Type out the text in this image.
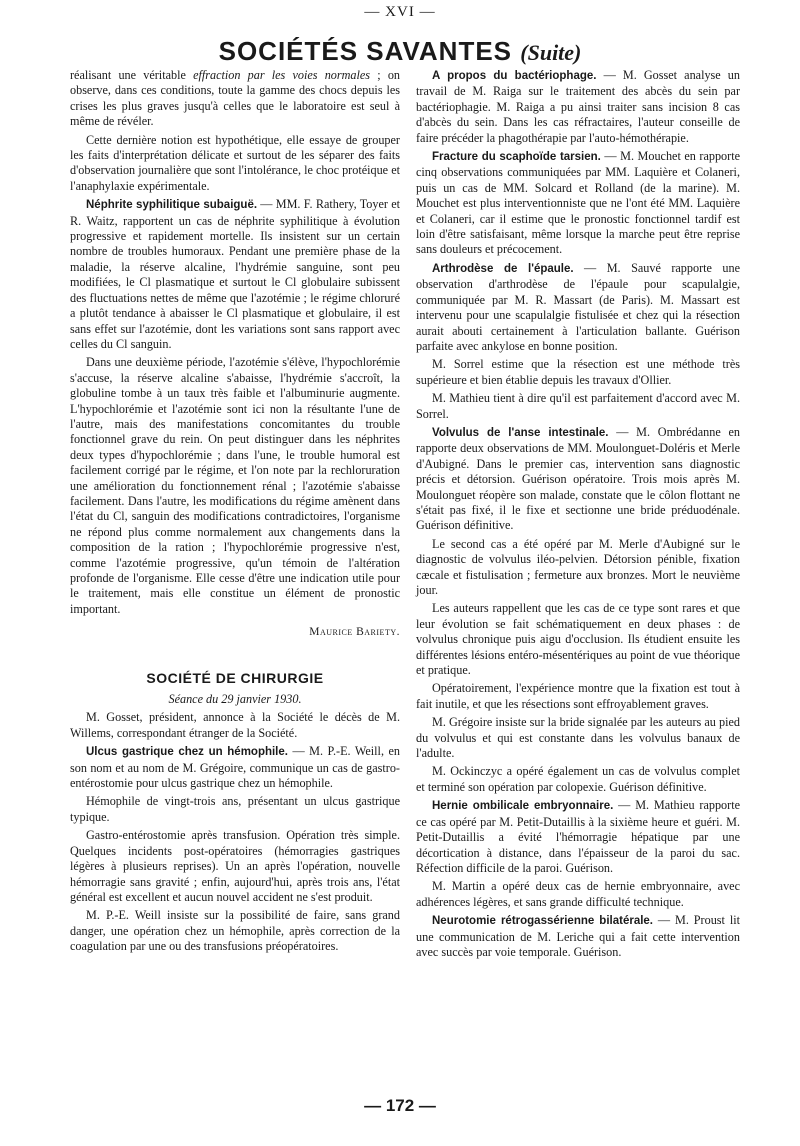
— XVI —
SOCIÉTÉS SAVANTES (Suite)

réalisant une véritable effraction par les voies normales ; on observe, dans ces conditions, toute la gamme des chocs depuis les crises les plus graves jusqu'à celles que le laboratoire est seul à même de révéler.

Cette dernière notion est hypothétique, elle essaye de grouper les faits d'interprétation délicate et surtout de les séparer des faits d'observation journalière que sont l'intolérance, le choc protéique et l'anaphylaxie expérimentale.

Néphrite syphilitique subaiguë. — MM. F. Rathery, Toyer et R. Waitz, rapportent un cas de néphrite syphilitique à évolution progressive et rapidement mortelle. Ils insistent sur un certain nombre de troubles humoraux. Pendant une première phase de la maladie, la réserve alcaline, l'hydrémie sanguine, sont peu modifiées, le Cl plasmatique et surtout le Cl globulaire subissent des fluctuations nettes de même que l'azotémie ; le régime chloruré a plutôt tendance à abaisser le Cl plasmatique et globulaire, il est sans effet sur l'azotémie, dont les variations sont sans rapport avec celles du Cl sanguin.

Dans une deuxième période, l'azotémie s'élève, l'hypochlorémie s'accuse, la réserve alcaline s'abaisse, l'hydrémie s'accroît, la globuline tombe à un taux très faible et l'albuminurie augmente. L'hypochlorémie et l'azotémie sont ici non la résultante l'une de l'autre, mais des manifestations concomitantes du trouble fonctionnel grave du rein. On peut distinguer dans les néphrites deux types d'hypochlorémie ; dans l'une, le trouble humoral est facilement corrigé par le régime, et l'on note par la rechloruration une amélioration du fonctionnement rénal ; l'azotémie s'abaisse facilement. Dans l'autre, les modifications du régime amènent dans l'état du Cl, sanguin des modifications contradictoires, l'organisme ne répond plus comme normalement aux changements dans la composition de la ration ; l'hypochlorémie progressive n'est, comme l'azotémie progressive, qu'un témoin de l'altération profonde de l'organisme. Elle cesse d'être une indication utile pour le traitement, mais elle constitue un élément de pronostic important.

Maurice Bariety.

SOCIÉTÉ DE CHIRURGIE

Séance du 29 janvier 1930.

M. Gosset, président, annonce à la Société le décès de M. Willems, correspondant étranger de la Société.

Ulcus gastrique chez un hémophile. — M. P.-E. Weill, en son nom et au nom de M. Grégoire, communique un cas de gastro-entérostomie pour ulcus gastrique chez un hémophile.

Hémophile de vingt-trois ans, présentant un ulcus gastrique typique.

Gastro-entérostomie après transfusion. Opération très simple. Quelques incidents post-opératoires (hémorragies gastriques légères à plusieurs reprises). Un an après l'opération, nouvelle hémorragie sans gravité ; enfin, aujourd'hui, après trois ans, l'état général est excellent et aucun nouvel accident ne s'est produit.

M. P.-E. Weill insiste sur la possibilité de faire, sans grand danger, une opération chez un hémophile, après correction de la coagulation par une ou des transfusions préopératoires.

A propos du bactériophage. — M. Gosset analyse un travail de M. Raiga sur le traitement des abcès du sein par bactériophagie. M. Raiga a pu ainsi traiter sans incision 8 cas d'abcès du sein. Dans les cas réfractaires, l'auteur conseille de faire précéder la phagothérapie par l'auto-hémothérapie.

Fracture du scaphoïde tarsien. — M. Mouchet en rapporte cinq observations communiquées par MM. Laquière et Colaneri, puis un cas de MM. Solcard et Rolland (de la marine). M. Mouchet est plus interventionniste que ne l'ont été MM. Laquière et Colaneri, car il estime que le pronostic fonctionnel tardif est loin d'être satisfaisant, même lorsque la marche peut être reprise sans douleurs et précocement.

Arthrodèse de l'épaule. — M. Sauvé rapporte une observation d'arthrodèse de l'épaule pour scapulalgie, communiquée par M. R. Massart (de Paris). M. Massart est intervenu pour une scapulalgie fistulisée et chez qui la résection aurait abouti certainement à l'articulation ballante. Guérison parfaite avec ankylose en bonne position.

M. Sorrel estime que la résection est une méthode très supérieure et bien établie depuis les travaux d'Ollier.

M. Mathieu tient à dire qu'il est parfaitement d'accord avec M. Sorrel.

Volvulus de l'anse intestinale. — M. Ombrédanne en rapporte deux observations de MM. Moulonguet-Doléris et Merle d'Aubigné. Dans le premier cas, intervention sans diagnostic précis et détorsion. Guérison opératoire. Trois mois après M. Moulonguet réopère son malade, constate que le côlon flottant ne s'était pas fixé, il le fixe et sectionne une bride préduodénale. Guérison définitive.

Le second cas a été opéré par M. Merle d'Aubigné sur le diagnostic de volvulus iléo-pelvien. Détorsion pénible, fixation cæcale et fistulisation ; fermeture aux bronzes. Mort le neuvième jour.

Les auteurs rappellent que les cas de ce type sont rares et que leur évolution se fait schématiquement en deux phases : de volvulus chronique puis aigu d'occlusion. Ils étudient ensuite les différentes lésions entéro-mésentériques au point de vue théorique et pratique.

Opératoirement, l'expérience montre que la fixation est tout à fait inutile, et que les résections sont effroyablement graves.

M. Grégoire insiste sur la bride signalée par les auteurs au pied du volvulus et qui est constante dans les volvulus banaux de l'adulte.

M. Ockinczyc a opéré également un cas de volvulus complet et terminé son opération par colopexie. Guérison définitive.

Hernie ombilicale embryonnaire. — M. Mathieu rapporte ce cas opéré par M. Petit-Dutaillis à la sixième heure et guéri. M. Petit-Dutaillis a évité l'hémorragie hépatique par une décortication à distance, dans l'épaisseur de la paroi du sac. Réfection difficile de la paroi. Guérison.

M. Martin a opéré deux cas de hernie embryonnaire, avec adhérences légères, et sans grande difficulté technique.

Neurotomie rétrogassérienne bilatérale. — M. Proust lit une communication de M. Leriche qui a fait cette intervention avec succès par voie temporale. Guérison.

— 172 —
